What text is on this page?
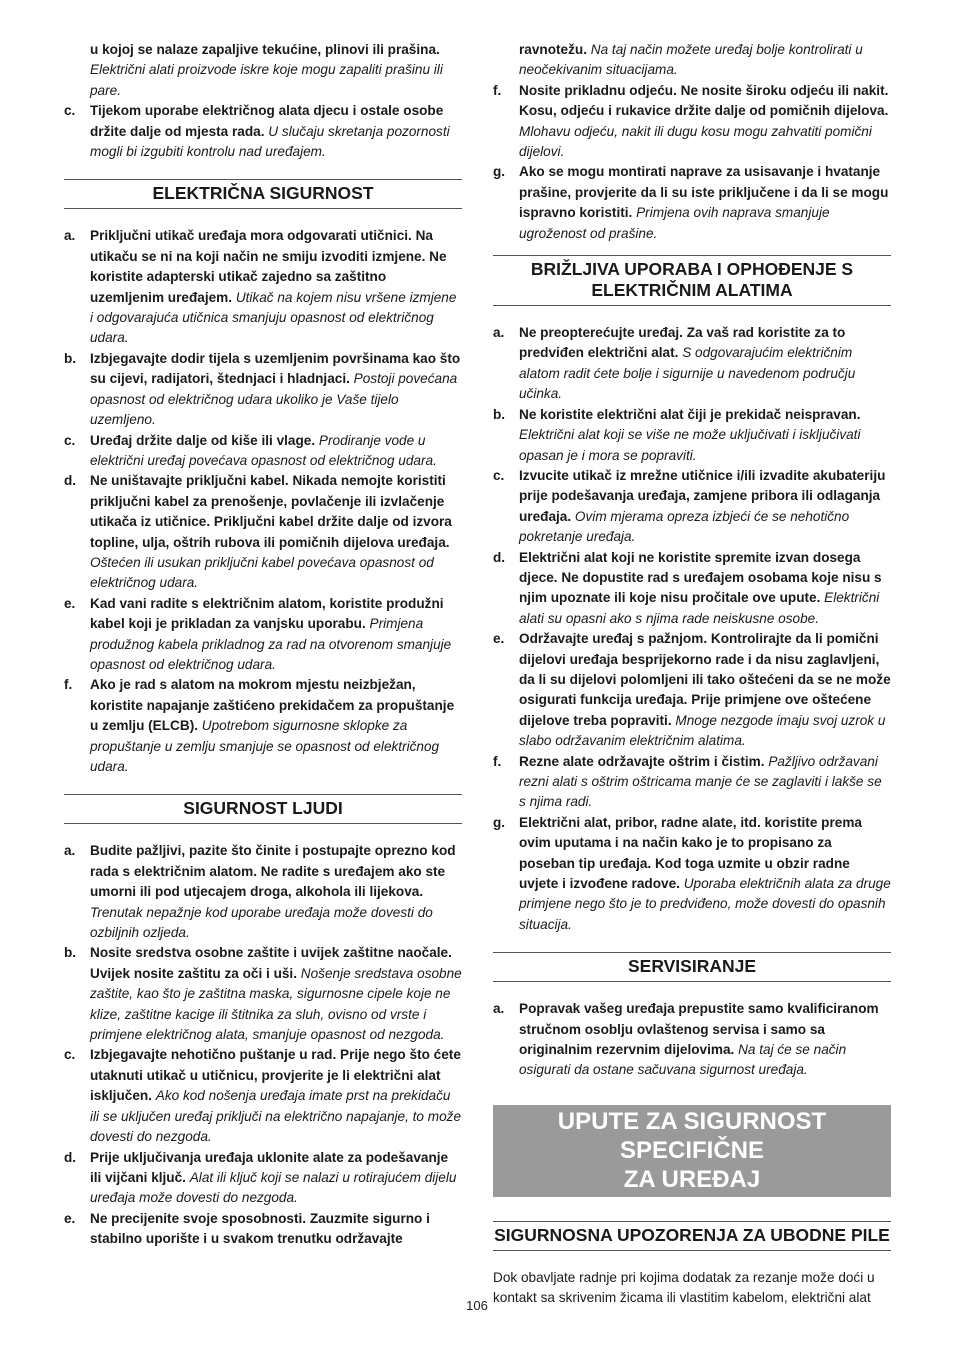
u kojoj se nalaze zapaljive tekućine, plinovi ili prašina. Električni alati proizvode iskre koje mogu zapaliti prašinu ili pare.
c.	Tijekom uporabe električnog alata djecu i ostale osobe držite dalje od mjesta rada. U slučaju skretanja pozornosti mogli bi izgubiti kontrolu nad uređajem.
ELEKTRIČNA SIGURNOST
a.	Priključni utikač uređaja mora odgovarati utičnici. Na utikaču se ni na koji način ne smiju izvoditi izmjene. Ne koristite adapterski utikač zajedno sa zaštitno uzemljenim uređajem. Utikač na kojem nisu vršene izmjene i odgovarajuća utičnica smanjuju opasnost od električnog udara.
b.	Izbjegavajte dodir tijela s uzemljenim površinama kao što su cijevi, radijatori, štednjaci i hladnjaci. Postoji povećana opasnost od električnog udara ukoliko je Vaše tijelo uzemljeno.
c.	Uređaj držite dalje od kiše ili vlage. Prodiranje vode u električni uređaj povećava opasnost od električnog udara.
d.	Ne uništavajte priključni kabel. Nikada nemojte koristiti priključni kabel za prenošenje, povlačenje ili izvlačenje utikača iz utičnice. Priključni kabel držite dalje od izvora topline, ulja, oštrih rubova ili pomičnih dijelova uređaja. Oštećen ili usukan priključni kabel povećava opasnost od električnog udara.
e.	Kad vani radite s električnim alatom, koristite produžni kabel koji je prikladan za vanjsku uporabu. Primjena produžnog kabela prikladnog za rad na otvorenom smanjuje opasnost od električnog udara.
f.	Ako je rad s alatom na mokrom mjestu neizbježan, koristite napajanje zaštićeno prekidačem za propuštanje u zemlju (ELCB). Upotrebom sigurnosne sklopke za propuštanje u zemlju smanjuje se opasnost od električnog udara.
SIGURNOST LJUDI
a.	Budite pažljivi, pazite što činite i postupajte oprezno kod rada s električnim alatom. Ne radite s uređajem ako ste umorni ili pod utjecajem droga, alkohola ili lijekova. Trenutak nepažnje kod uporabe uređaja može dovesti do ozbiljnih ozljeda.
b.	Nosite sredstva osobne zaštite i uvijek zaštitne naočale. Uvijek nosite zaštitu za oči i uši. Nošenje sredstava osobne zaštite, kao što je zaštitna maska, sigurnosne cipele koje ne klize, zaštitne kacige ili štitnika za sluh, ovisno od vrste i primjene električnog alata, smanjuje opasnost od nezgoda.
c.	Izbjegavajte nehotično puštanje u rad. Prije nego što ćete utaknuti utikač u utičnicu, provjerite je li električni alat isključen. Ako kod nošenja uređaja imate prst na prekidaču ili se uključen uređaj priključi na električno napajanje, to može dovesti do nezgoda.
d.	Prije uključivanja uređaja uklonite alate za podešavanje ili vijčani ključ. Alat ili ključ koji se nalazi u rotirajućem dijelu uređaja može dovesti do nezgoda.
e.	Ne precijenite svoje sposobnosti. Zauzmite sigurno i stabilno uporište i u svakom trenutku održavajte
ravnotežu. Na taj način možete uređaj bolje kontrolirati u neočekivanim situacijama.
f.	Nosite prikladnu odjeću. Ne nosite široku odjeću ili nakit. Kosu, odjeću i rukavice držite dalje od pomičnih dijelova. Mlohavu odjeću, nakit ili dugu kosu mogu zahvatiti pomični dijelovi.
g.	Ako se mogu montirati naprave za usisavanje i hvatanje prašine, provjerite da li su iste priključene i da li se mogu ispravno koristiti. Primjena ovih naprava smanjuje ugroženost od prašine.
BRIŽLJIVA UPORABA I OPHOĐENJE S
ELEKTRIČNIM ALATIMA
a.	Ne preopterećujte uređaj. Za vaš rad koristite za to predviđen električni alat. S odgovarajućim električnim alatom radit ćete bolje i sigurnije u navedenom području učinka.
b.	Ne koristite električni alat čiji je prekidač neispravan. Električni alat koji se više ne može uključivati i isključivati opasan je i mora se popraviti.
c.	Izvucite utikač iz mrežne utičnice i/ili izvadite akubateriju prije podešavanja uređaja, zamjene pribora ili odlaganja uređaja. Ovim mjerama opreza izbjeći će se nehotično pokretanje uređaja.
d.	Električni alat koji ne koristite spremite izvan dosega djece. Ne dopustite rad s uređajem osobama koje nisu s njim upoznate ili koje nisu pročitale ove upute. Električni alati su opasni ako s njima rade neiskusne osobe.
e.	Održavajte uređaj s pažnjom. Kontrolirajte da li pomični dijelovi uređaja besprijekorno rade i da nisu zaglavljeni, da li su dijelovi polomljeni ili tako oštećeni da se ne može osigurati funkcija uređaja. Prije primjene ove oštećene dijelove treba popraviti. Mnoge nezgode imaju svoj uzrok u slabo održavanim električnim alatima.
f.	Rezne alate održavajte oštrim i čistim. Pažljivo održavani rezni alati s oštrim oštricama manje će se zaglaviti i lakše se s njima radi.
g.	Električni alat, pribor, radne alate, itd. koristite prema ovim uputama i na način kako je to propisano za poseban tip uređaja. Kod toga uzmite u obzir radne uvjete i izvođene radove. Uporaba električnih alata za druge primjene nego što je to predviđeno, može dovesti do opasnih situacija.
SERVISIRANJE
a.	Popravak vašeg uređaja prepustite samo kvalificiranom stručnom osoblju ovlaštenog servisa i samo sa originalnim rezervnim dijelovima. Na taj će se način osigurati da ostane sačuvana sigurnost uređaja.
UPUTE ZA SIGURNOST SPECIFIČNE
ZA UREĐAJ
SIGURNOSNA UPOZORENJA ZA UBODNE PILE
Dok obavljate radnje pri kojima dodatak za rezanje može doći u kontakt sa skrivenim žicama ili vlastitim kabelom, električni alat
106
